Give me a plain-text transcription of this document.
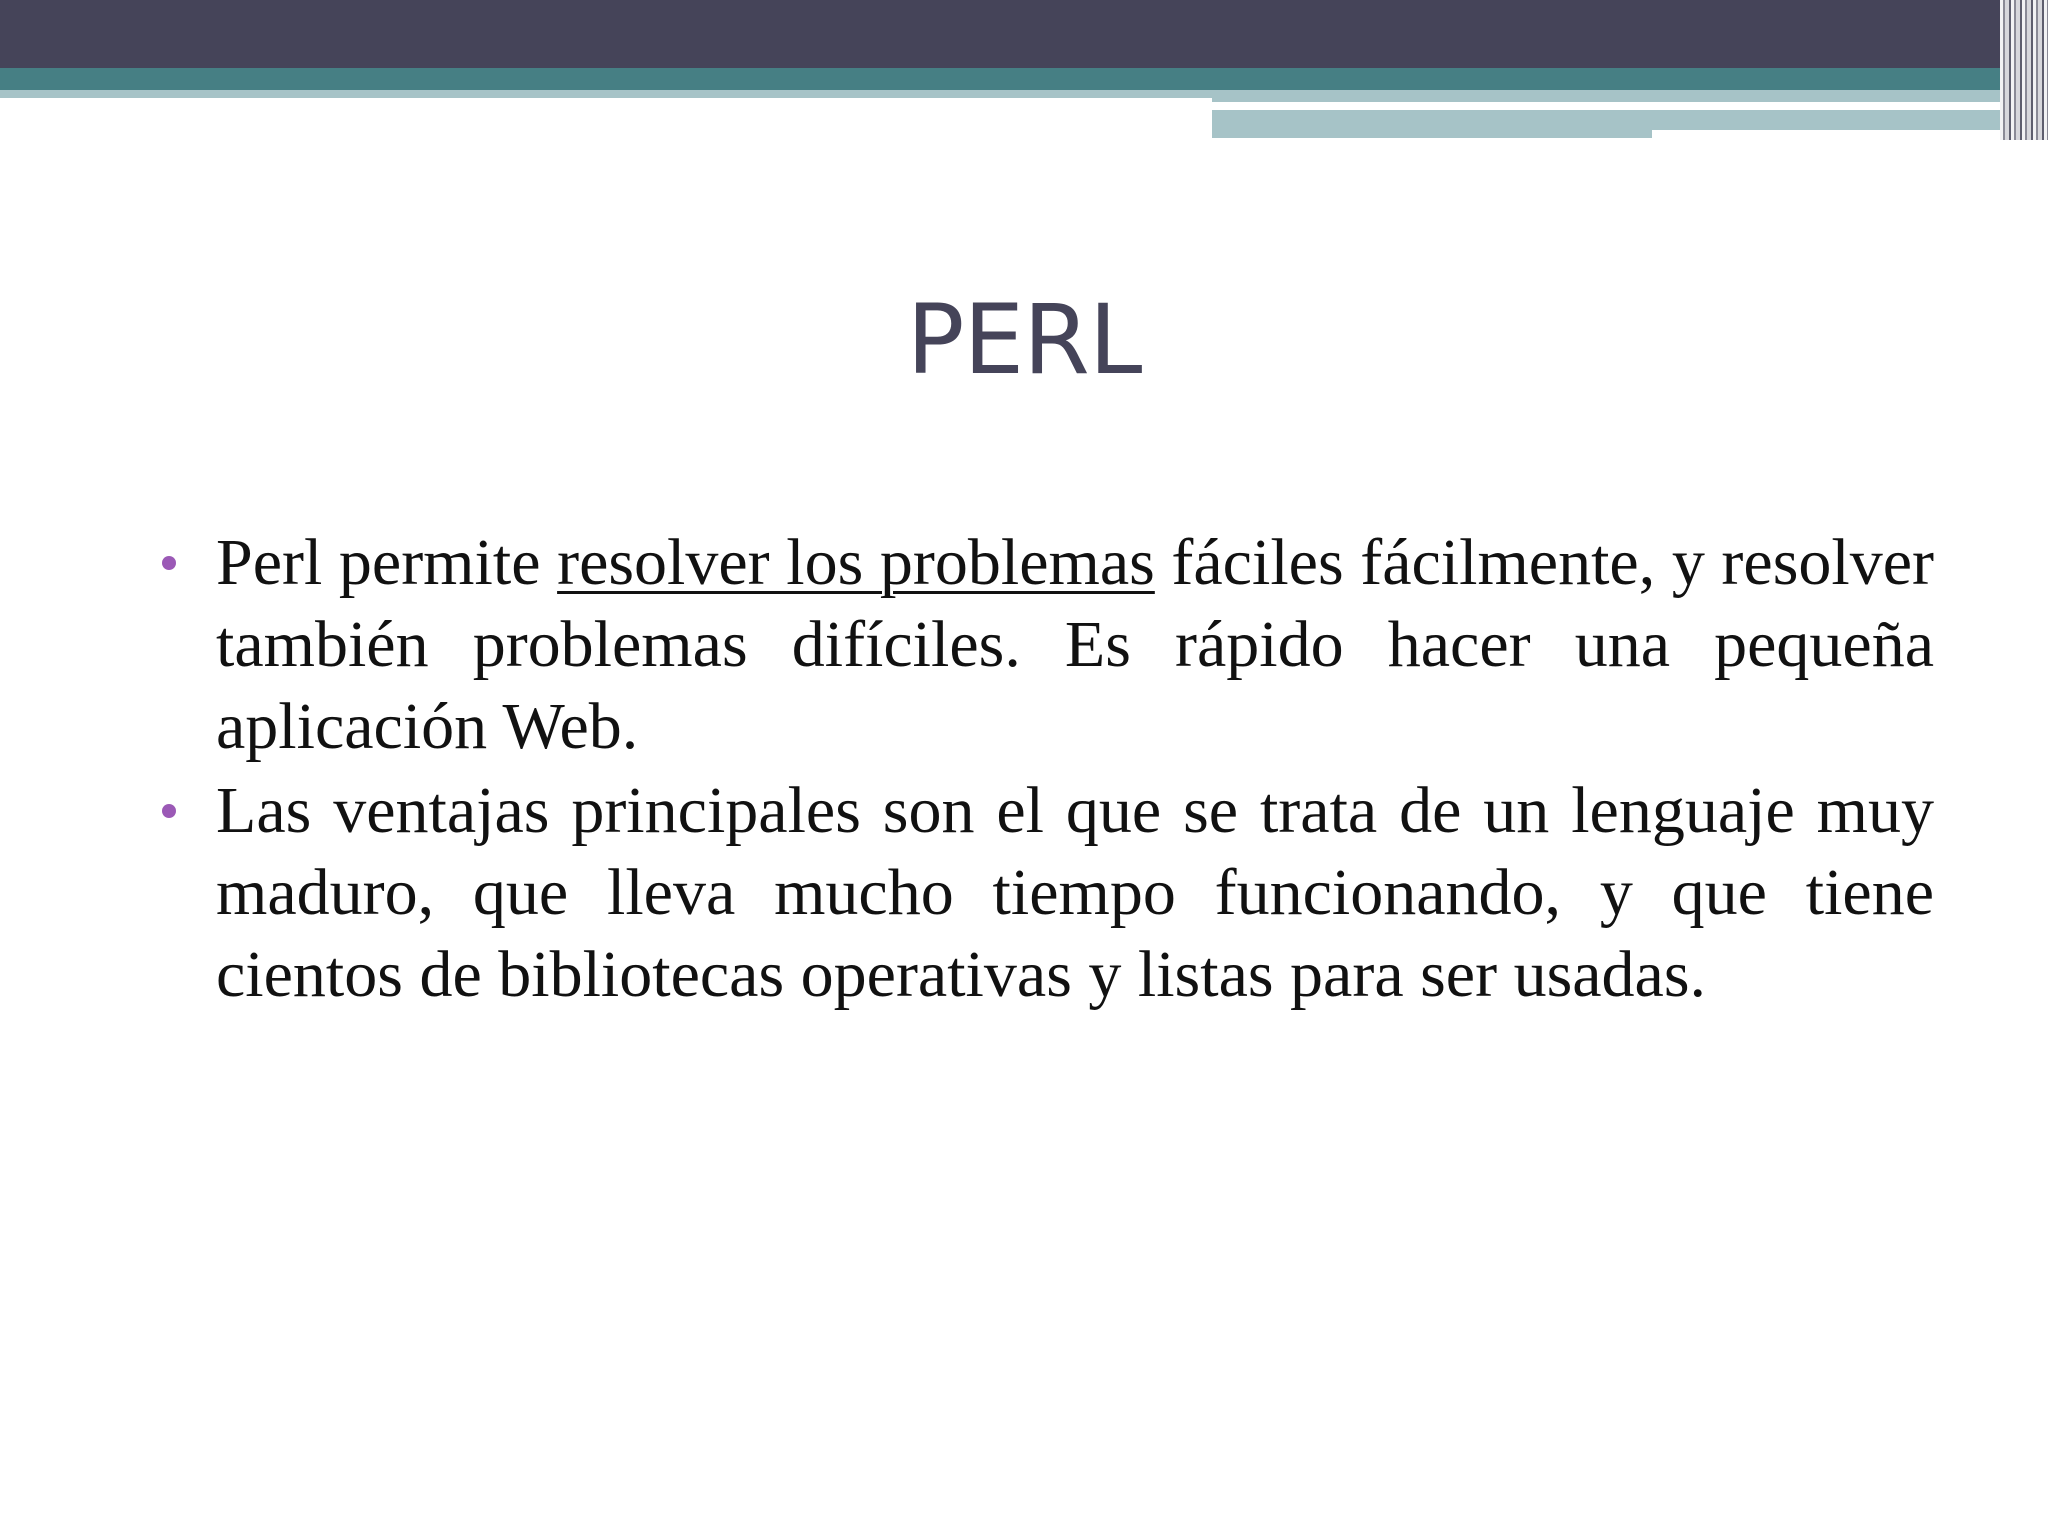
PERL
Perl permite resolver los problemas fáciles fácilmente, y resolver también problemas difíciles. Es rápido hacer una pequeña aplicación Web.
Las ventajas principales son el que se trata de un lenguaje muy maduro, que lleva mucho tiempo funcionando, y que tiene cientos de bibliotecas operativas y listas para ser usadas.
